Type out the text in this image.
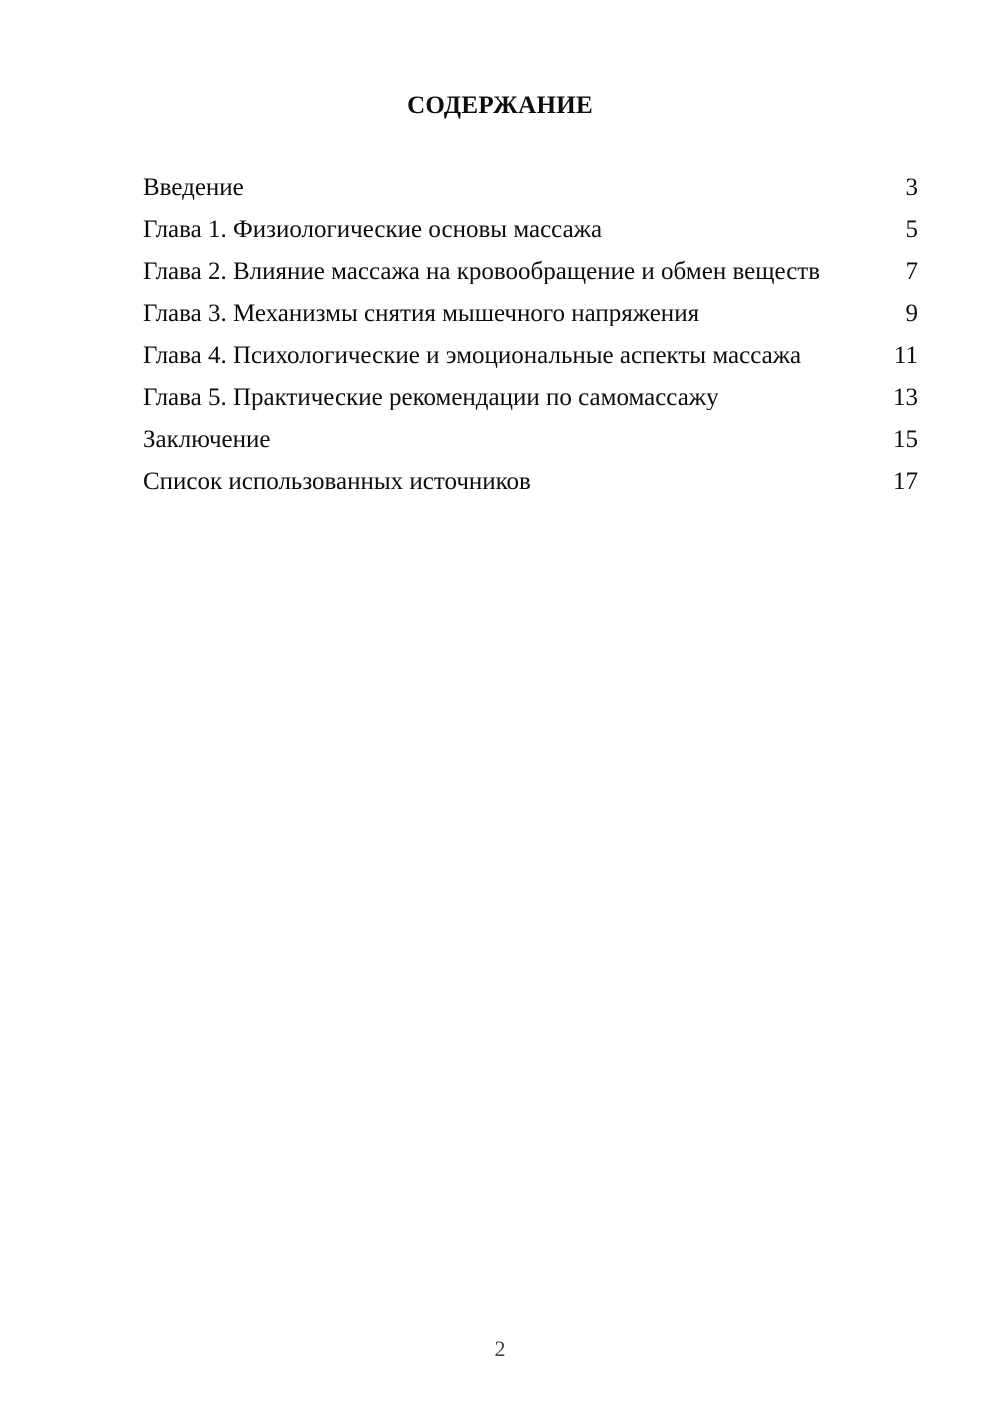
СОДЕРЖАНИЕ
Введение	3
Глава 1. Физиологические основы массажа	5
Глава 2. Влияние массажа на кровообращение и обмен веществ	7
Глава 3. Механизмы снятия мышечного напряжения	9
Глава 4. Психологические и эмоциональные аспекты массажа	11
Глава 5. Практические рекомендации по самомассажу	13
Заключение	15
Список использованных источников	17
2
